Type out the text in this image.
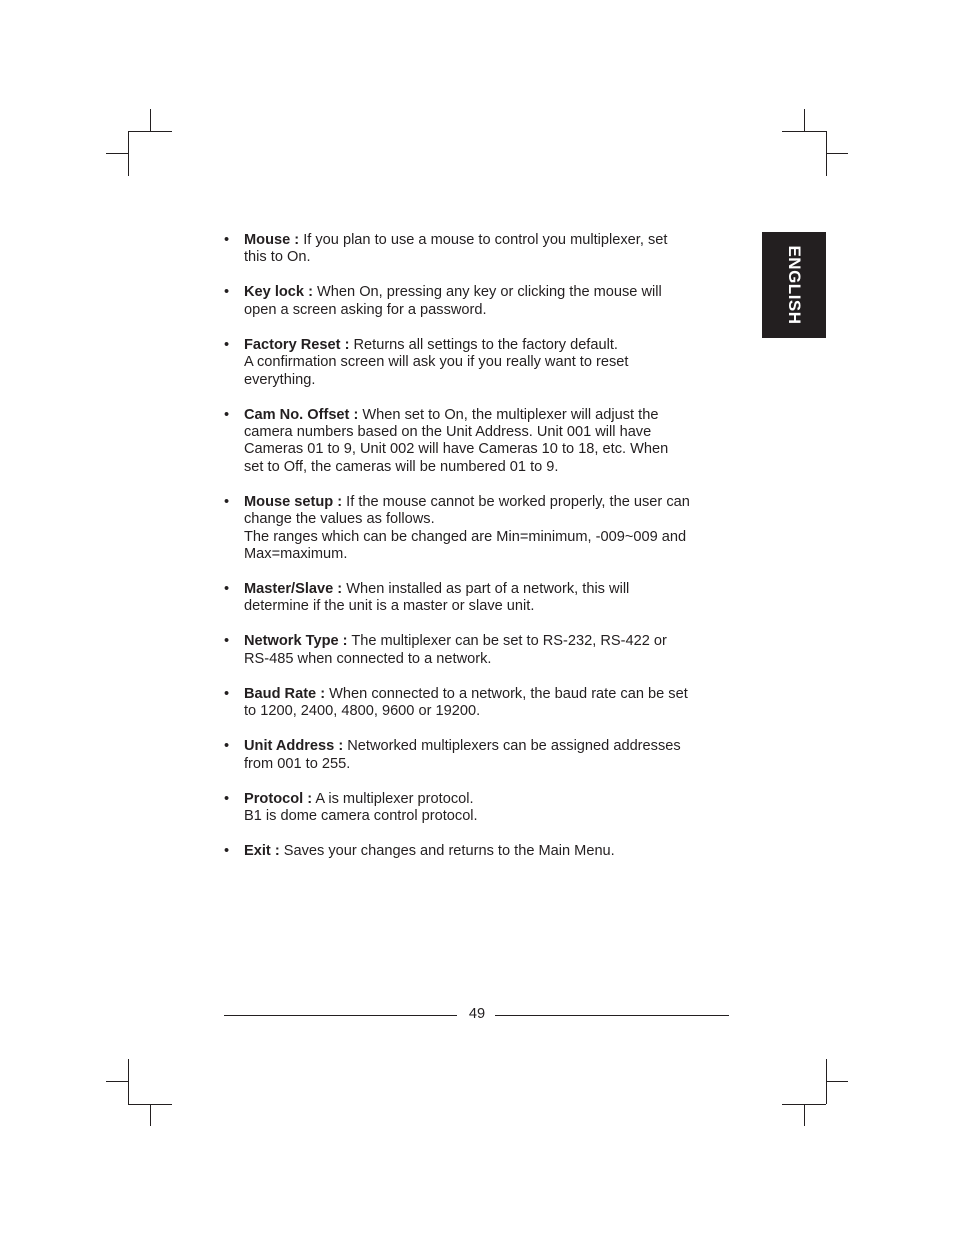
ENGLISH
• Mouse : If you plan to use a mouse to control you multiplexer, set
this to On.
• Key lock : When On, pressing any key or clicking the mouse will
open a screen asking for a password.
• Factory Reset : Returns all settings to the factory default.
A confirmation screen will ask you if you really want to reset
everything.
• Cam No. Offset : When set to On, the multiplexer will adjust the
camera numbers based on the Unit Address. Unit 001 will have
Cameras 01 to 9, Unit 002 will have Cameras 10 to 18, etc. When
set to Off, the cameras will be numbered 01 to 9.
• Mouse setup : If the mouse cannot be worked properly, the user can
change the values as follows.
The ranges which can be changed are Min=minimum, -009~009 and
Max=maximum.
• Master/Slave : When installed as part of a network, this will
determine if the unit is a master or slave unit.
• Network Type : The multiplexer can be set to RS-232, RS-422 or
RS-485 when connected to a network.
• Baud Rate : When connected to a network, the baud rate can be set
to 1200, 2400, 4800, 9600 or 19200.
• Unit Address : Networked multiplexers can be assigned addresses
from 001 to 255.
• Protocol : A is multiplexer protocol.
B1 is dome camera control protocol.
• Exit : Saves your changes and returns to the Main Menu.
49
